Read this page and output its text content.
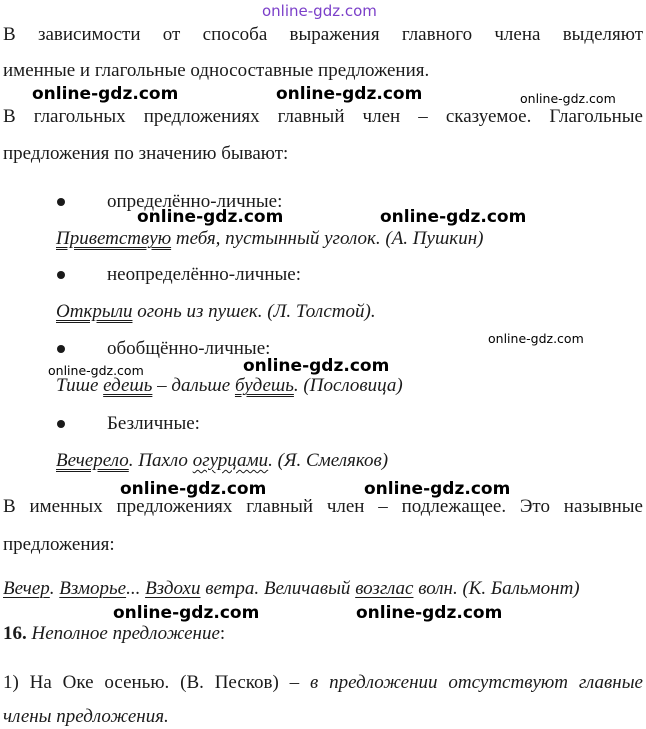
online-gdz.com
В зависимости от способа выражения главного члена выделяют
именные и глагольные односоставные предложения.
online-gdz.com	online-gdz.com	online-gdz.com
В глагольных предложениях главный член – сказуемое. Глагольные
предложения по значению бывают:
определённо-личные:
online-gdz.com	online-gdz.com
Приветствую тебя, пустынный уголок. (А. Пушкин)
неопределённо-личные:
Открыли огонь из пушек. (Л. Толстой).
online-gdz.com
обобщённо-личные:
online-gdz.com
online-gdz.com
Тише едешь – дальше будешь. (Пословица)
Безличные:
Вечерело. Пахло огурцами. (Я. Смеляков)
online-gdz.com	online-gdz.com
В именных предложениях главный член – подлежащее. Это назывные
предложения:
Вечер. Взморье... Вздохи ветра. Величавый возглас волн. (К. Бальмонт)
online-gdz.com	online-gdz.com
16. Неполное предложение:
1) На Оке осенью. (В. Песков) – в предложении отсутствуют главные
члены предложения.
